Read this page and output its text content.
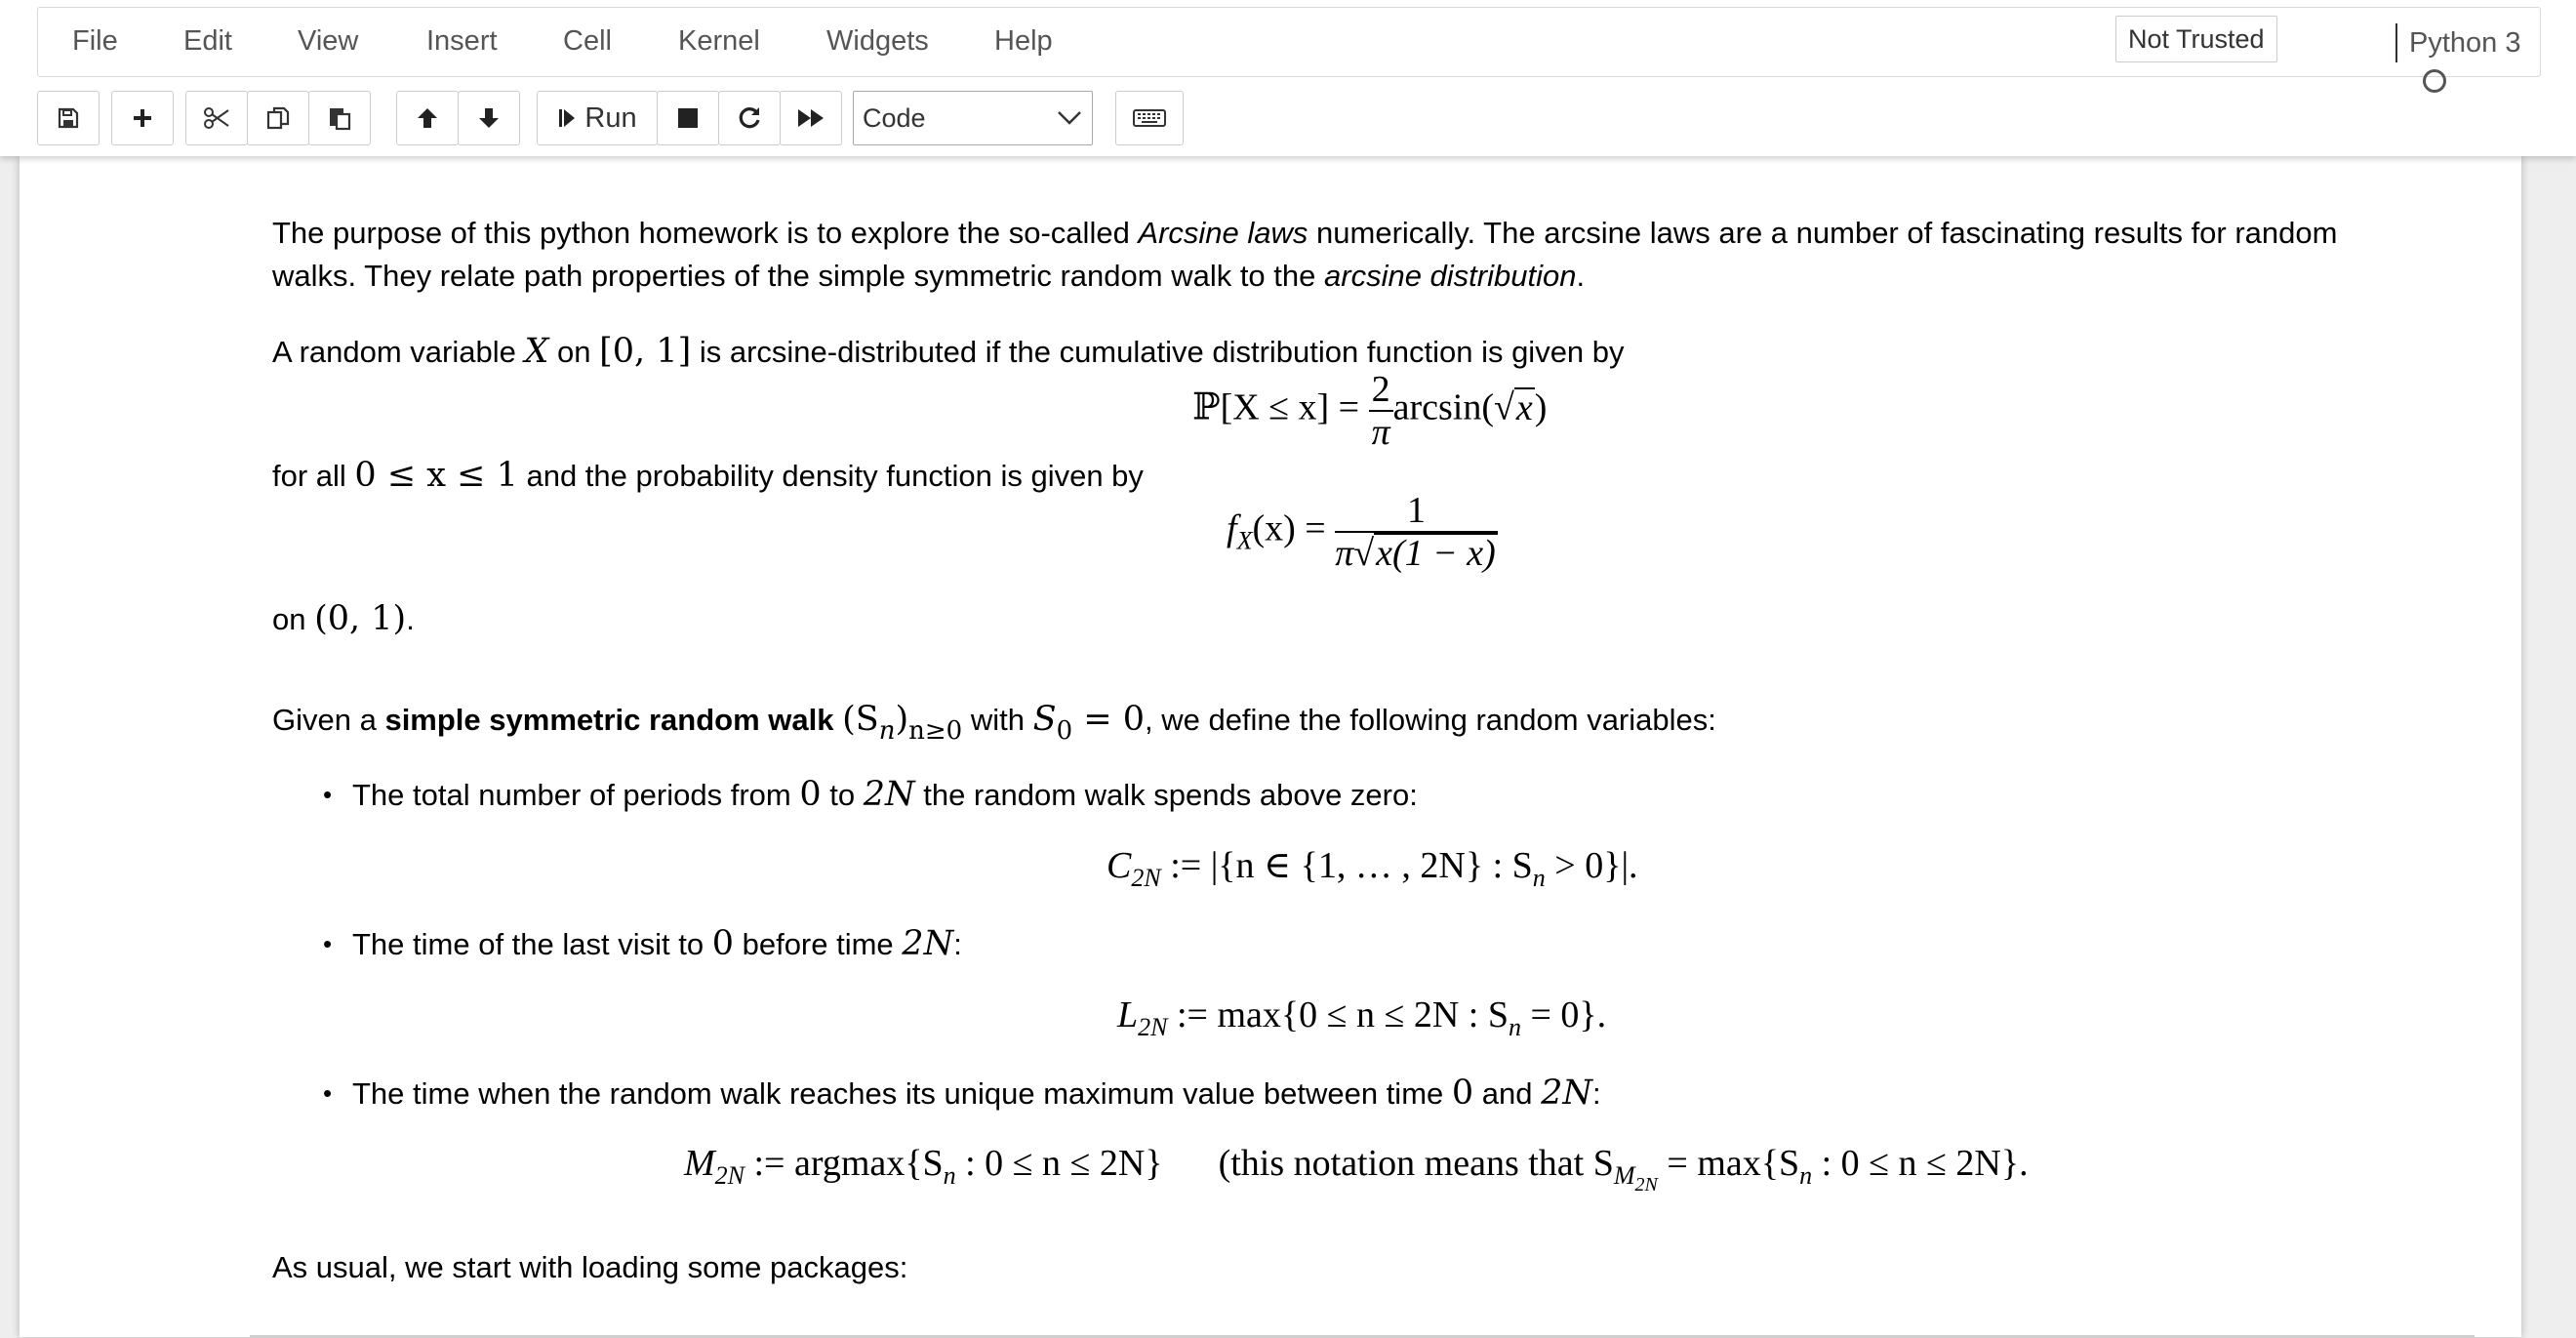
File Edit View Insert Cell Kernel Widgets Help	Not Trusted	Python 3
Run	Code

The purpose of this python homework is to explore the so-called Arcsine laws numerically. The arcsine laws are a number of fascinating results for random
walks. They relate path properties of the simple symmetric random walk to the arcsine distribution.

A random variable X on [0, 1] is arcsine-distributed if the cumulative distribution function is given by

ℙ[X ≤ $x] = \frac{2}{\pi} \arcsin(√x)$

for all 0 ≤ x ≤ 1 and the probability density function is given by

$f_X(x) = \frac{1}{\pi√x(1 - x)}$

on (0, 1).

Given a simple symmetric random walk $(S_n)_{n\ge 0}$ with $S_0 = 0$, we define the following random variables:

• The total number of periods from 0 to 2N the random walk spends above zero:

$C_{2N}$ := |{n ∈ {1, … , 2N} : $S_n > 0\}|$.
• The time of the last visit to 0 before time 2N:

$L_{2N}$ := max{0 ≤ n ≤ 2N : $S_n = 0$}.
• The time when the random walk reaches its unique maximum value between time 0 and 2N:

$M_{2N}$ := $argmax\{S_n$ : 0 ≤ n ≤ 2N} (this notation means that $S_{M_{2N}} = \max\{S_n$ : 0 ≤ n ≤ 2N}.

As usual, we start with loading some packages:
